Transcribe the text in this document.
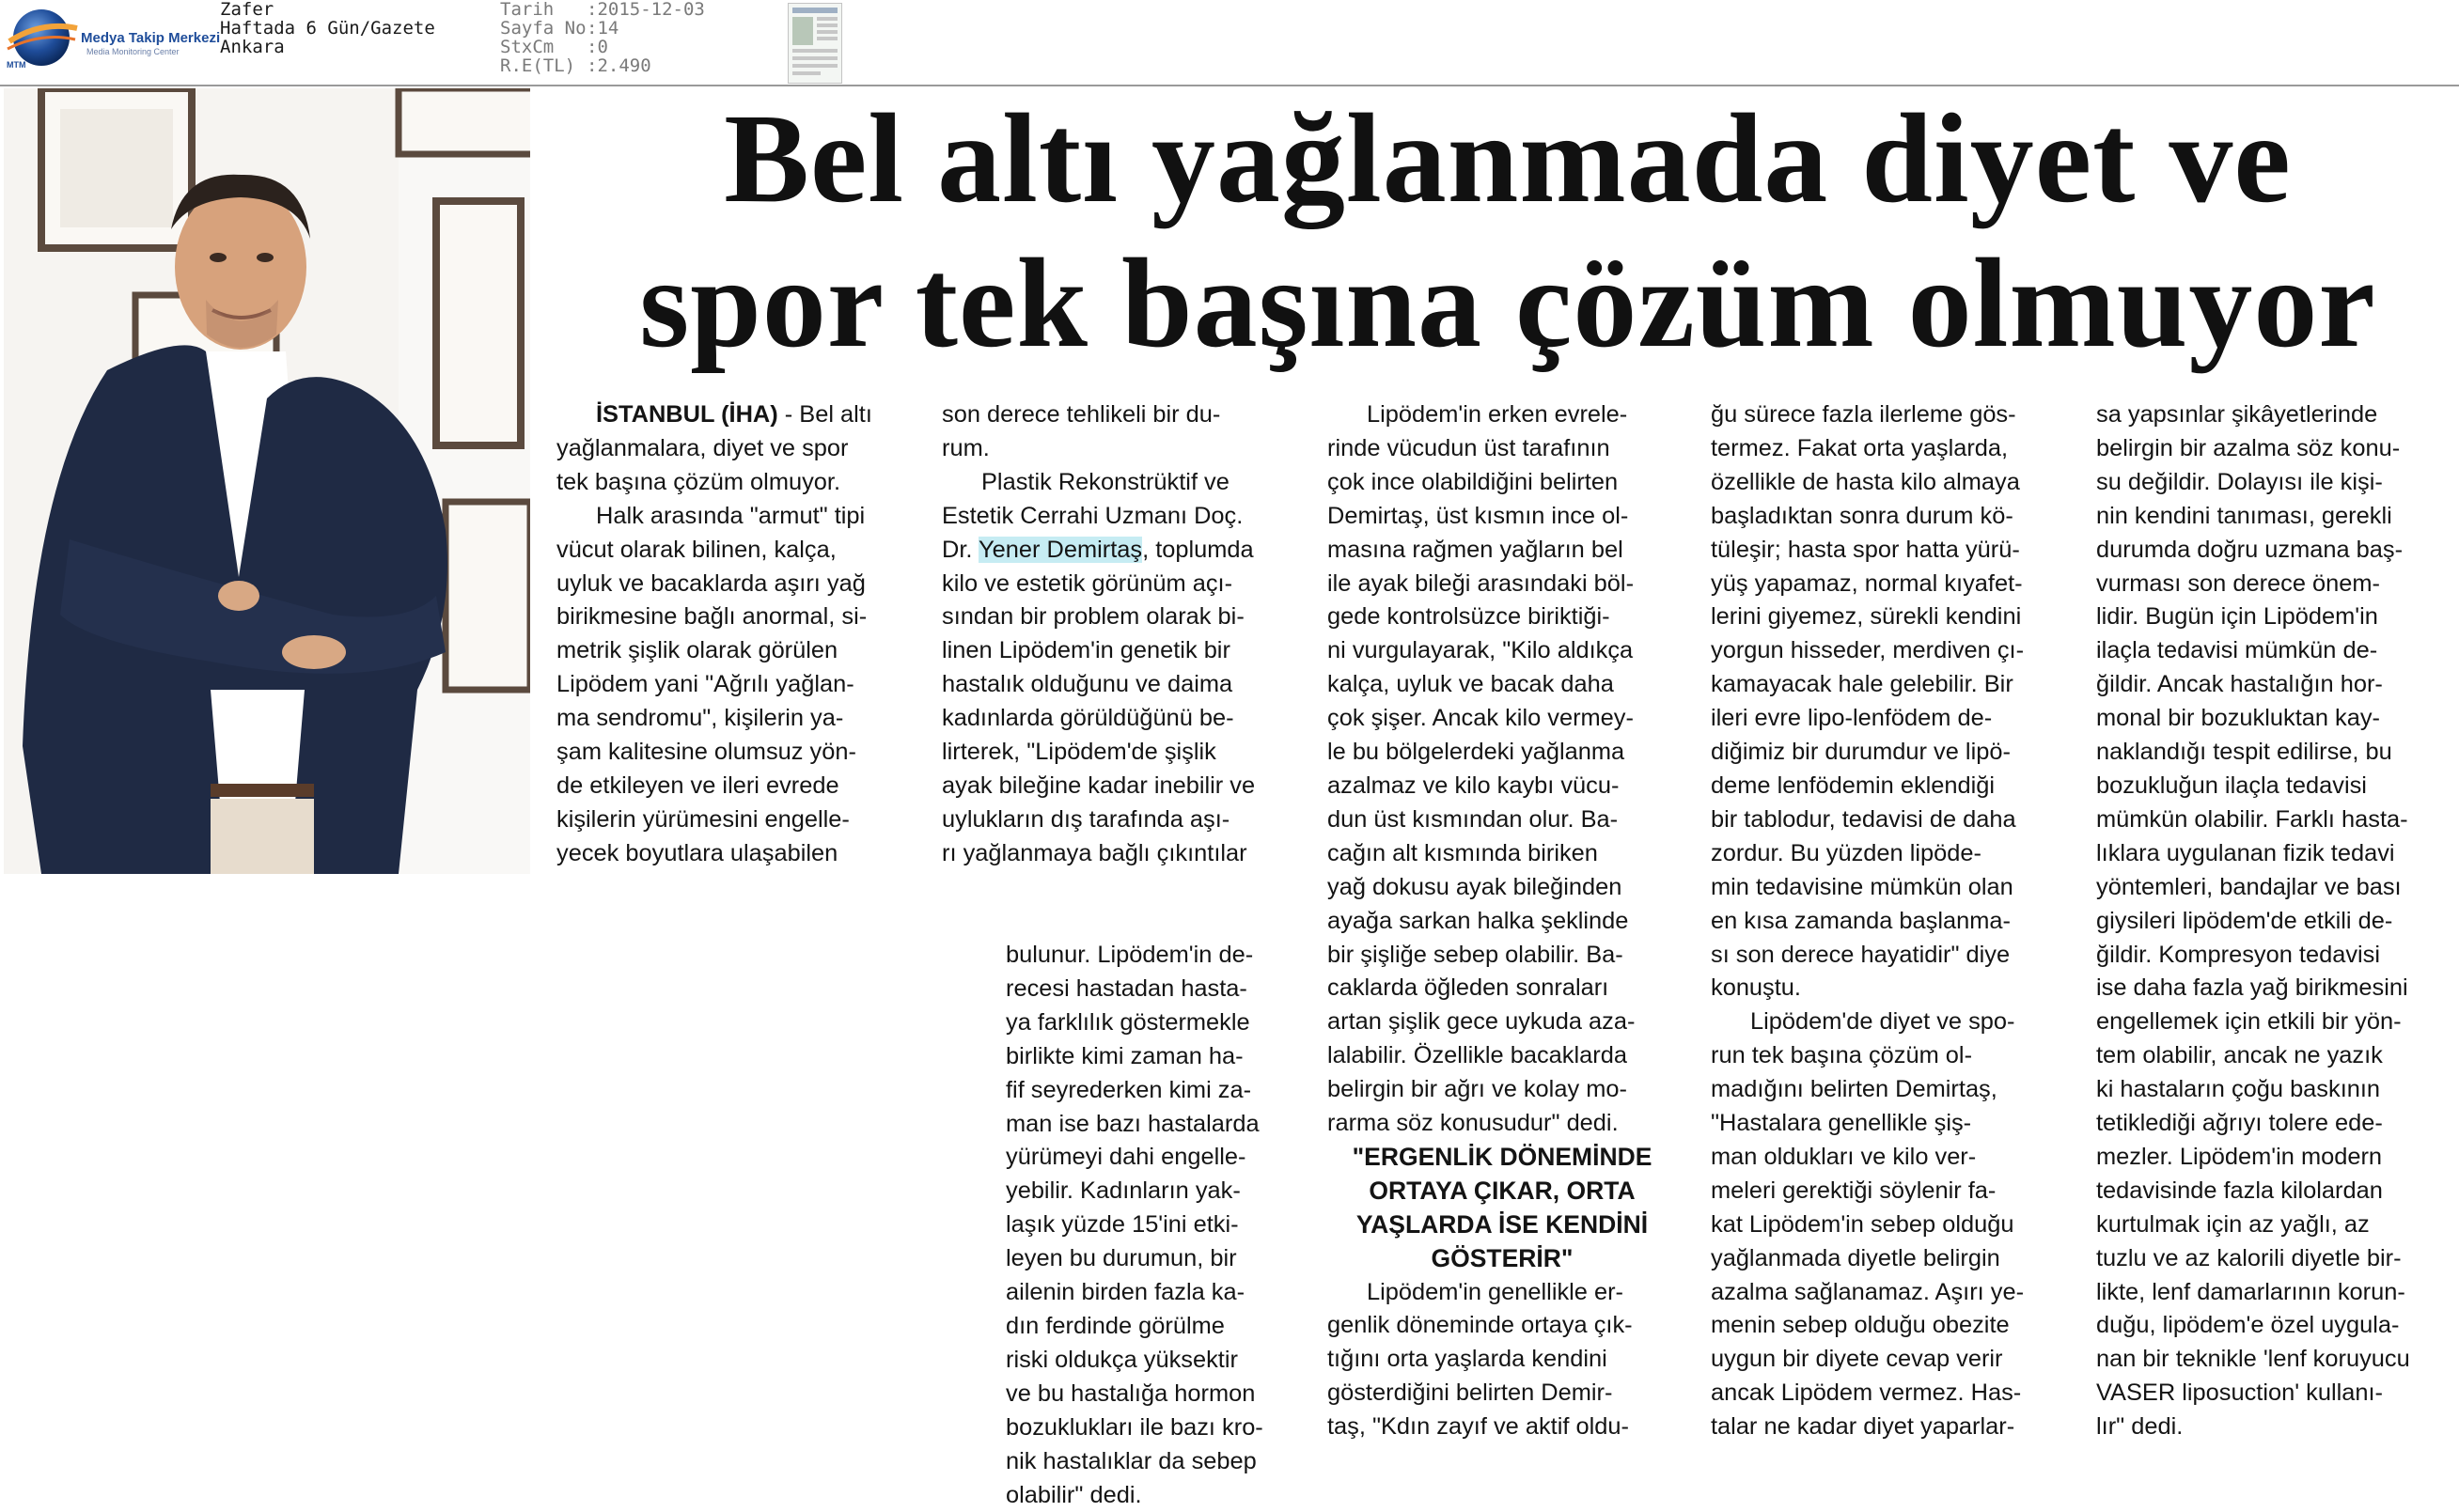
MTM
Medya Takip Merkezi
Media Monitoring Center
Zafer
Haftada 6 Gün/Gazete
Ankara
Tarih :2015-12-03
Sayfa No:14
StxCm :0
R.E(TL) :2.490
Bel altı yağlanmada diyet ve
spor tek başına çözüm olmuyor
İSTANBUL (İHA) - Bel altı
yağlanmalara, diyet ve spor
tek başına çözüm olmuyor.
Halk arasında "armut" tipi
vücut olarak bilinen, kalça,
uyluk ve bacaklarda aşırı yağ
birikmesine bağlı anormal, si-
metrik şişlik olarak görülen
Lipödem yani "Ağrılı yağlan-
ma sendromu", kişilerin ya-
şam kalitesine olumsuz yön-
de etkileyen ve ileri evrede
kişilerin yürümesini engelle-
yecek boyutlara ulaşabilen
son derece tehlikeli bir du-
rum.
Plastik Rekonstrüktif ve
Estetik Cerrahi Uzmanı Doç.
Dr. Yener Demirtaş, toplumda
kilo ve estetik görünüm açı-
sından bir problem olarak bi-
linen Lipödem'in genetik bir
hastalık olduğunu ve daima
kadınlarda görüldüğünü be-
lirterek, "Lipödem'de şişlik
ayak bileğine kadar inebilir ve
uylukların dış tarafında aşı-
rı yağlanmaya bağlı çıkıntılar
bulunur. Lipödem'in de-
recesi hastadan hasta-
ya farklılık göstermekle
birlikte kimi zaman ha-
fif seyrederken kimi za-
man ise bazı hastalarda
yürümeyi dahi engelle-
yebilir. Kadınların yak-
laşık yüzde 15'ini etki-
leyen bu durumun, bir
ailenin birden fazla ka-
dın ferdinde görülme
riski oldukça yüksektir
ve bu hastalığa hormon
bozuklukları ile bazı kro-
nik hastalıklar da sebep
olabilir" dedi.
Lipödem'in erken evrele-
rinde vücudun üst tarafının
çok ince olabildiğini belirten
Demirtaş, üst kısmın ince ol-
masına rağmen yağların bel
ile ayak bileği arasındaki böl-
gede kontrolsüzce biriktiği-
ni vurgulayarak, "Kilo aldıkça
kalça, uyluk ve bacak daha
çok şişer. Ancak kilo vermey-
le bu bölgelerdeki yağlanma
azalmaz ve kilo kaybı vücu-
dun üst kısmından olur. Ba-
cağın alt kısmında biriken
yağ dokusu ayak bileğinden
ayağa sarkan halka şeklinde
bir şişliğe sebep olabilir. Ba-
caklarda öğleden sonraları
artan şişlik gece uykuda aza-
lalabilir. Özellikle bacaklarda
belirgin bir ağrı ve kolay mo-
rarma söz konusudur" dedi.
"ERGENLİK DÖNEMİNDE
ORTAYA ÇIKAR, ORTA
YAŞLARDA İSE KENDİNİ
GÖSTERİR"
Lipödem'in genellikle er-
genlik döneminde ortaya çık-
tığını orta yaşlarda kendini
gösterdiğini belirten Demir-
taş, "Kdın zayıf ve aktif oldu-
ğu sürece fazla ilerleme gös-
termez. Fakat orta yaşlarda,
özellikle de hasta kilo almaya
başladıktan sonra durum kö-
tüleşir; hasta spor hatta yürü-
yüş yapamaz, normal kıyafet-
lerini giyemez, sürekli kendini
yorgun hisseder, merdiven çı-
kamayacak hale gelebilir. Bir
ileri evre lipo-lenfödem de-
diğimiz bir durumdur ve lipö-
deme lenfödemin eklendiği
bir tablodur, tedavisi de daha
zordur. Bu yüzden lipöde-
min tedavisine mümkün olan
en kısa zamanda başlanma-
sı son derece hayatidir" diye
konuştu.
Lipödem'de diyet ve spo-
run tek başına çözüm ol-
madığını belirten Demirtaş,
"Hastalara genellikle şiş-
man oldukları ve kilo ver-
meleri gerektiği söylenir fa-
kat Lipödem'in sebep olduğu
yağlanmada diyetle belirgin
azalma sağlanamaz. Aşırı ye-
menin sebep olduğu obezite
uygun bir diyete cevap verir
ancak Lipödem vermez. Has-
talar ne kadar diyet yaparlar-
sa yapsınlar şikâyetlerinde
belirgin bir azalma söz konu-
su değildir. Dolayısı ile kişi-
nin kendini tanıması, gerekli
durumda doğru uzmana baş-
vurması son derece önem-
lidir. Bugün için Lipödem'in
ilaçla tedavisi mümkün de-
ğildir. Ancak hastalığın hor-
monal bir bozukluktan kay-
naklandığı tespit edilirse, bu
bozukluğun ilaçla tedavisi
mümkün olabilir. Farklı hasta-
lıklara uygulanan fizik tedavi
yöntemleri, bandajlar ve bası
giysileri lipödem'de etkili de-
ğildir. Kompresyon tedavisi
ise daha fazla yağ birikmesini
engellemek için etkili bir yön-
tem olabilir, ancak ne yazık
ki hastaların çoğu baskının
tetiklediği ağrıyı tolere ede-
mezler. Lipödem'in modern
tedavisinde fazla kilolardan
kurtulmak için az yağlı, az
tuzlu ve az kalorili diyetle bir-
likte, lenf damarlarının korun-
duğu, lipödem'e özel uygula-
nan bir teknikle 'lenf koruyucu
VASER liposuction' kullanı-
lır" dedi.
